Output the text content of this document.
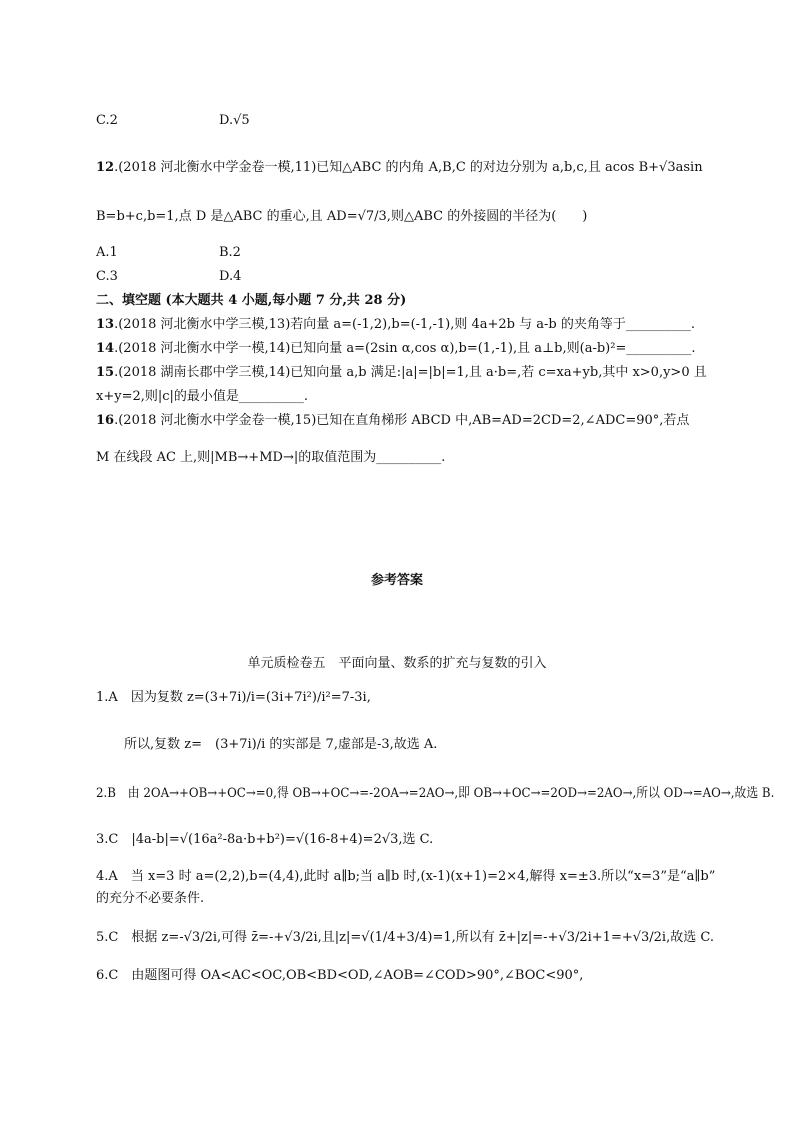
C.2	D.√5
12.(2018 河北衡水中学金卷一模,11)已知△ABC 的内角 A,B,C 的对边分别为 a,b,c,且 acos B+√3asin
B=b+c,b=1,点 D 是△ABC 的重心,且 AD=√7/3,则△ABC 的外接圆的半径为(　　)
A.1	B.2
C.3	D.4
二、填空题 (本大题共 4 小题,每小题 7 分,共 28 分)
13.(2018 河北衡水中学三模,13)若向量 a=(-1,2),b=(-1,-1),则 4a+2b 与 a-b 的夹角等于__________.
14.(2018 河北衡水中学一模,14)已知向量 a=(2sin α,cos α),b=(1,-1),且 a⊥b,则(a-b)²=__________.
15.(2018 湖南长郡中学三模,14)已知向量 a,b 满足:|a|=|b|=1,且 a·b=,若 c=xa+yb,其中 x>0,y>0 且
x+y=2,则|c|的最小值是__________.
16.(2018 河北衡水中学金卷一模,15)已知在直角梯形 ABCD 中,AB=AD=2CD=2,∠ADC=90°,若点
M 在线段 AC 上,则|MB→+MD→|的取值范围为__________.
参考答案
单元质检卷五　平面向量、数系的扩充与复数的引入
1.A　 因为复数 z=(3+7i)/i=(3i+7i²)/i²=7-3i,
所以,复数 z=　(3+7i)/i 的实部是 7,虚部是-3,故选 A.
2.B　 由 2OA→+OB→+OC→=0,得 OB→+OC→=-2OA→=2AO→,即 OB→+OC→=2OD→=2AO→,所以 OD→=AO→,故选 B.
3.C　 |4a-b|=√(16a²-8a·b+b²)=√(16-8+4)=2√3,选 C.
4.A　 当 x=3 时 a=(2,2),b=(4,4),此时 a∥b;当 a∥b 时,(x-1)(x+1)=2×4,解得 x=±3.所以“x=3”是“a∥b”
的充分不必要条件.
5.C　 根据 z=-√3/2i,可得 z̄=-+√3/2i,且|z|=√(1/4+3/4)=1,所以有 z̄+|z|=-+√3/2i+1=+√3/2i,故选 C.
6.C　 由题图可得 OA<AC<OC,OB<BD<OD,∠AOB=∠COD>90°,∠BOC<90°,
